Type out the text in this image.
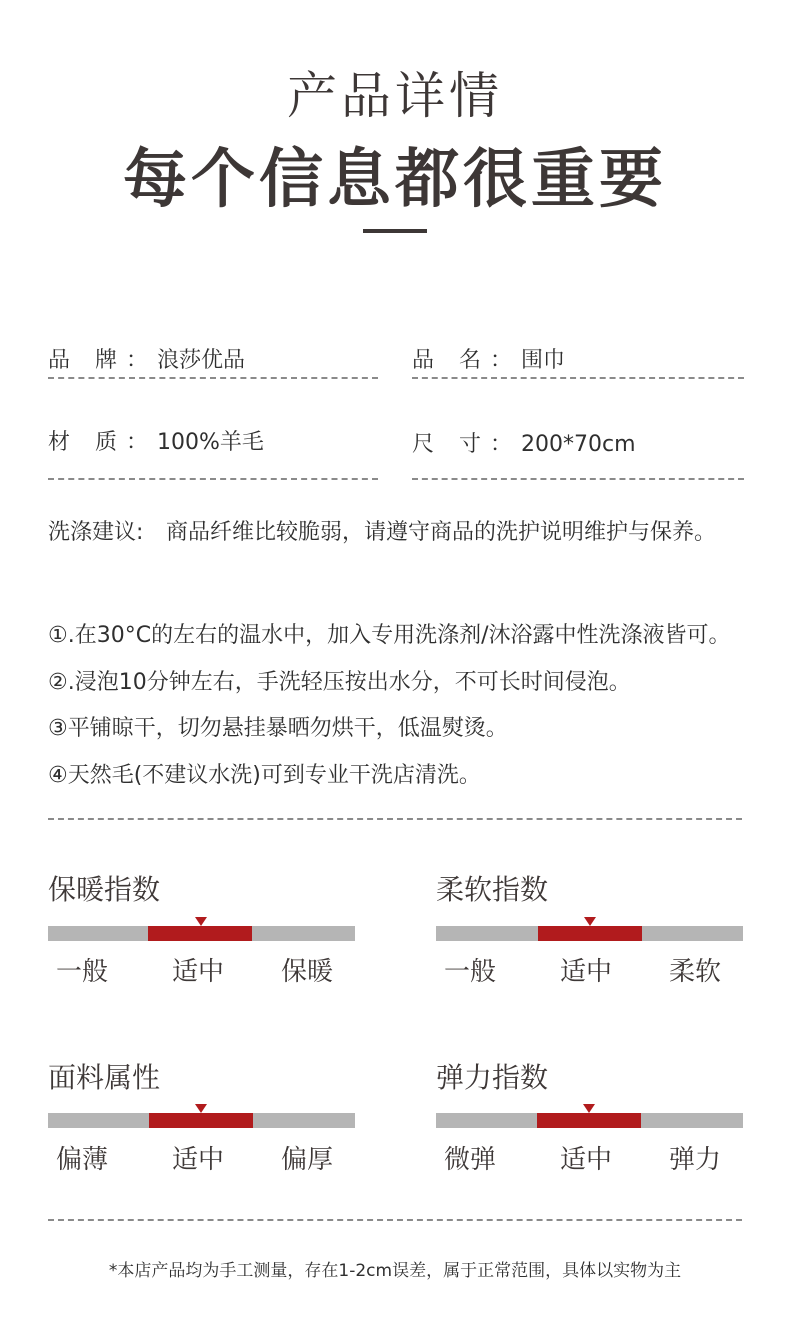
产品详情
每个信息都很重要
品 牌：浪莎优品	品 名：围巾
材 质：100%羊毛	尺 寸：200*70cm
洗涤建议:	商品纤维比较脆弱，请遵守商品的洗护说明维护与保养。
①.在30°C的左右的温水中，加入专用洗涤剂/沐浴露中性洗涤液皆可。
②.浸泡10分钟左右，手洗轻压按出水分，不可长时间侵泡。
③平铺晾干，切勿悬挂暴晒勿烘干，低温熨烫。
④天然毛(不建议水洗)可到专业干洗店清洗。
保暖指数
一般 适中 保暖
柔软指数
一般 适中 柔软
面料属性
偏薄 适中 偏厚
弹力指数
微弹 适中 弹力
*本店产品均为手工测量，存在1-2cm误差，属于正常范围，具体以实物为主
